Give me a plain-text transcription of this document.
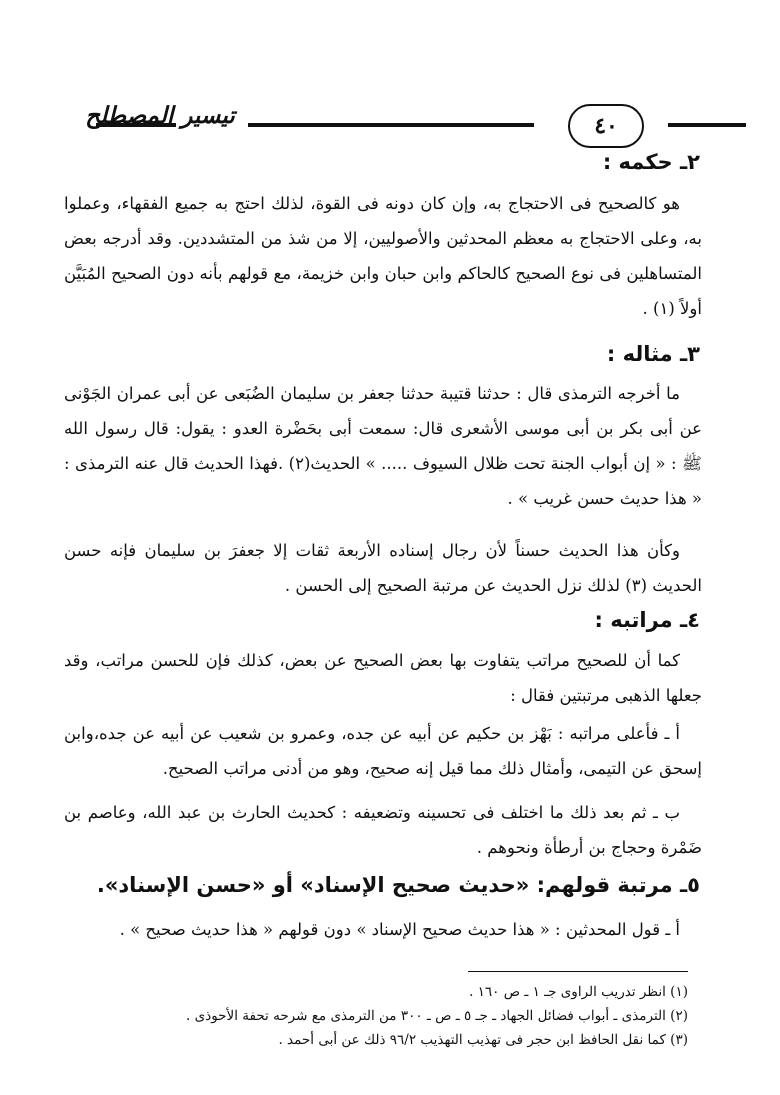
٤٠
تيسير المصطلح
٢ـ حكمه :
هو كالصحيح فى الاحتجاج به، وإن كان دونه فى القوة، لذلك احتج به جميع الفقهاء، وعملوا به، وعلى الاحتجاج به معظم المحدثين والأصوليين، إلا من شذ من المتشددين. وقد أدرجه بعض المتساهلين فى نوع الصحيح كالحاكم وابن حبان وابن خزيمة، مع قولهم بأنه دون الصحيح المُبَيَّن أولاً (١) .
٣ـ مثاله :
ما أخرجه الترمذى قال : حدثنا قتيبة حدثنا جعفر بن سليمان الضُبَعى عن أبى عمران الجَوْنى عن أبى بكر بن أبى موسى الأشعرى قال: سمعت أبى بحَضْرة العدو : يقول: قال رسول الله ﷺ : « إن أبواب الجنة تحت ظلال السيوف ..... » الحديث(٢) .فهذا الحديث قال عنه الترمذى : « هذا حديث حسن غريب » .
وكأن هذا الحديث حسناً لأن رجال إسناده الأربعة ثقات إلا جعفرَ بن سليمان فإنه حسن الحديث (٣) لذلك نزل الحديث عن مرتبة الصحيح إلى الحسن .
٤ـ مراتبه :
كما أن للصحيح مراتب يتفاوت بها بعض الصحيح عن بعض، كذلك فإن للحسن مراتب، وقد جعلها الذهبى مرتبتين فقال :
أ ـ فأعلى مراتبه : بَهْز بن حكيم عن أبيه عن جده، وعمرو بن شعيب عن أبيه عن جده،وابن إسحق عن التيمى، وأمثال ذلك مما قيل إنه صحيح، وهو من أدنى مراتب الصحيح.
ب ـ ثم بعد ذلك ما اختلف فى تحسينه وتضعيفه : كحديث الحارث بن عبد الله، وعاصم بن ضَمْرة وحجاج بن أرطأة ونحوهم .
٥ـ مرتبة قولهم: «حديث صحيح الإسناد» أو «حسن الإسناد».
أ ـ قول المحدثين : « هذا حديث صحيح الإسناد » دون قولهم « هذا حديث صحيح » .
(١) انظر تدريب الراوى جـ ١ ـ ص ١٦٠ .
(٢) الترمذى ـ أبواب فضائل الجهاد ـ جـ ٥ ـ ص ـ ٣٠٠ من الترمذى مع شرحه تحفة الأحوذى .
(٣) كما نقل الحافظ ابن حجر فى تهذيب التهذيب ٩٦/٢ ذلك عن أبى أحمد .
